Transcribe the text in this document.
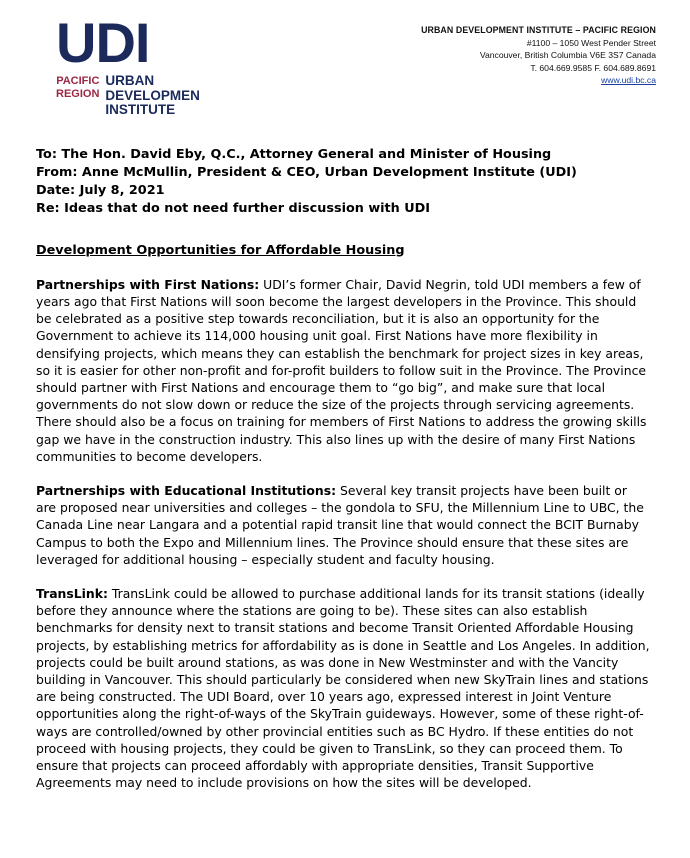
UDI
PACIFIC
REGION
URBAN
DEVELOPMEN
INSTITUTE
URBAN DEVELOPMENT INSTITUTE – PACIFIC REGION
#1100 – 1050 West Pender Street
Vancouver, British Columbia V6E 3S7 Canada
T. 604.669.9585 F. 604.689.8691
www.udi.bc.ca
To: The Hon. David Eby, Q.C., Attorney General and Minister of Housing
From: Anne McMullin, President & CEO, Urban Development Institute (UDI)
Date: July 8, 2021
Re: Ideas that do not need further discussion with UDI
Development Opportunities for Affordable Housing
Partnerships with First Nations: UDI’s former Chair, David Negrin, told UDI members a few of years ago that First Nations will soon become the largest developers in the Province. This should be celebrated as a positive step towards reconciliation, but it is also an opportunity for the Government to achieve its 114,000 housing unit goal. First Nations have more flexibility in densifying projects, which means they can establish the benchmark for project sizes in key areas, so it is easier for other non-profit and for-profit builders to follow suit in the Province. The Province should partner with First Nations and encourage them to “go big”, and make sure that local governments do not slow down or reduce the size of the projects through servicing agreements. There should also be a focus on training for members of First Nations to address the growing skills gap we have in the construction industry. This also lines up with the desire of many First Nations communities to become developers.
Partnerships with Educational Institutions: Several key transit projects have been built or are proposed near universities and colleges – the gondola to SFU, the Millennium Line to UBC, the Canada Line near Langara and a potential rapid transit line that would connect the BCIT Burnaby Campus to both the Expo and Millennium lines. The Province should ensure that these sites are leveraged for additional housing – especially student and faculty housing.
TransLink: TransLink could be allowed to purchase additional lands for its transit stations (ideally before they announce where the stations are going to be). These sites can also establish benchmarks for density next to transit stations and become Transit Oriented Affordable Housing projects, by establishing metrics for affordability as is done in Seattle and Los Angeles. In addition, projects could be built around stations, as was done in New Westminster and with the Vancity building in Vancouver. This should particularly be considered when new SkyTrain lines and stations are being constructed. The UDI Board, over 10 years ago, expressed interest in Joint Venture opportunities along the right-of-ways of the SkyTrain guideways. However, some of these right-of-ways are controlled/owned by other provincial entities such as BC Hydro. If these entities do not proceed with housing projects, they could be given to TransLink, so they can proceed them. To ensure that projects can proceed affordably with appropriate densities, Transit Supportive Agreements may need to include provisions on how the sites will be developed.
